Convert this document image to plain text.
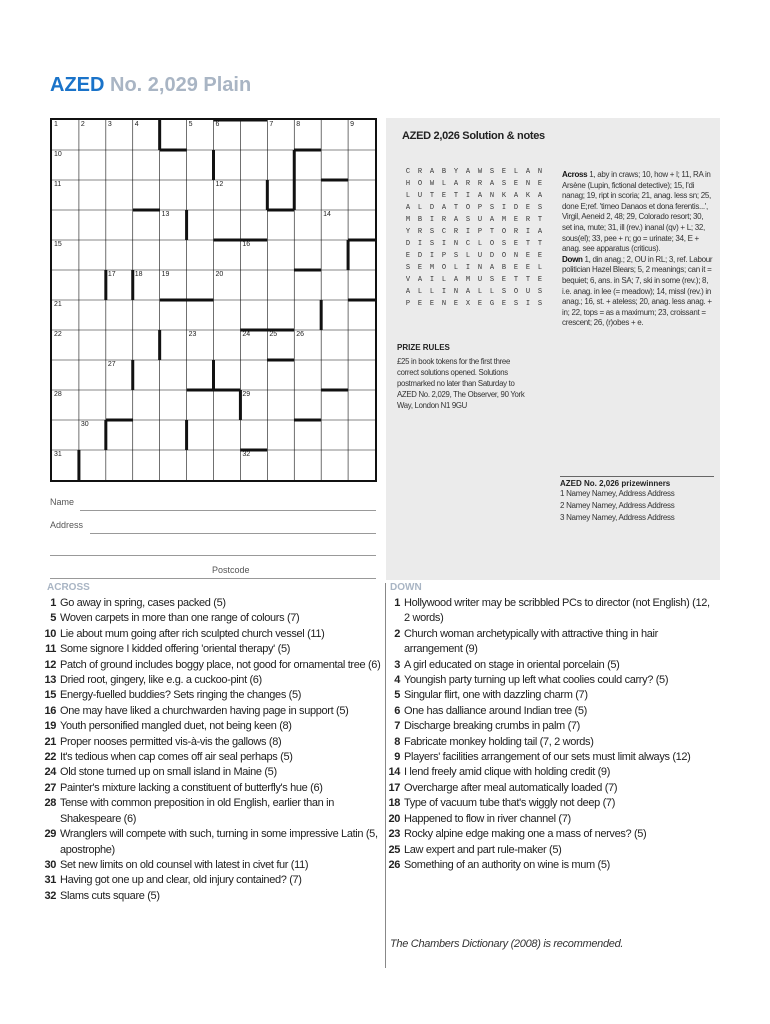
AZED No. 2,029 Plain
1	2	3	4	5	6	7	8	9
10
11	12
13	14
15	16
17	18	19	20
21
22	23	24	25	26
27
28	29
30
31	32
AZED 2,026 Solution & notes
C	R	A	B	Y	A	W	S	E	L	A	N
H	O	W	L	A	R	R	A	S	E	N	E
L	U	T	E	T	I	A	N	K	A	K	A
A	L	D	A	T	O	P	S	I	D	E	S
M	B	I	R	A	S	U	A	M	E	R	T
Y	R	S	C	R	I	P	T	O	R	I	A
D	I	S	I	N	C	L	O	S	E	T	T
E	D	I	P	S	L	U	D	O	N	E	E
S	E	M	O	L	I	N	A	B	E	E	L
V	A	I	L	A	M	U	S	E	T	T	E
A	L	L	I	N	A	L	L	S	O	U	S
P	E	E	N	E	X	E	G	E	S	I	S
Across 1, aby in craws; 10, how + l; 11, RA in Arsène (Lupin, fictional detective); 15, l'di nanag; 19, ript in scoria; 21, anag. less sn; 25, done E;ref. 'timeo Danaos et dona ferentis...', Virgil, Aeneid 2, 48; 29, Colorado resort; 30, set ina, mute; 31, ill (rev.) inanal (qv) + L; 32, sous(el); 33, pee + n; go = urinate; 34, E + anag. see apparatus (criticus).
Down 1, din anag.; 2, OU in RL; 3, ref. Labour politician Hazel Blears; 5, 2 meanings; can it = bequiet; 6, ans. in SA; 7, ski in some (rev.); 8, i.e. anag. in lee (= meadow); 14, missl (rev.) in anag.; 16, st. + ateless; 20, anag. less anag. + in; 22, tops = as a maximum; 23, croissant = crescent; 26, (r)obes + e.
PRIZE RULES
£25 in book tokens for the first three correct solutions opened. Solutions postmarked no later than Saturday to AZED No. 2,029, The Observer, 90 York Way, London N1 9GU
AZED No. 2,026 prizewinners
1 Namey Namey, Address Address
2 Namey Namey, Address Address
3 Namey Namey, Address Address
Name
Address
Postcode
ACROSS
1 Go away in spring, cases packed (5)
5 Woven carpets in more than one range of colours (7)
10 Lie about mum going after rich sculpted church vessel (11)
11 Some signore I kidded offering 'oriental therapy' (5)
12 Patch of ground includes boggy place, not good for ornamental tree (6)
13 Dried root, gingery, like e.g. a cuckoo-pint (6)
15 Energy-fuelled buddies? Sets ringing the changes (5)
16 One may have liked a churchwarden having page in support (5)
19 Youth personified mangled duet, not being keen (8)
21 Proper nooses permitted vis-à-vis the gallows (8)
22 It's tedious when cap comes off air seal perhaps (5)
24 Old stone turned up on small island in Maine (5)
27 Painter's mixture lacking a constituent of butterfly's hue (6)
28 Tense with common preposition in old English, earlier than in Shakespeare (6)
29 Wranglers will compete with such, turning in some impressive Latin (5, apostrophe)
30 Set new limits on old counsel with latest in civet fur (11)
31 Having got one up and clear, old injury contained? (7)
32 Slams cuts square (5)
DOWN
1 Hollywood writer may be scribbled PCs to director (not English) (12, 2 words)
2 Church woman archetypically with attractive thing in hair arrangement (9)
3 A girl educated on stage in oriental porcelain (5)
4 Youngish party turning up left what coolies could carry? (5)
5 Singular flirt, one with dazzling charm (7)
6 One has dalliance around Indian tree (5)
7 Discharge breaking crumbs in palm (7)
8 Fabricate monkey holding tail (7, 2 words)
9 Players' facilities arrangement of our sets must limit always (12)
14 I lend freely amid clique with holding credit (9)
17 Overcharge after meal automatically loaded (7)
18 Type of vacuum tube that's wiggly not deep (7)
20 Happened to flow in river channel (7)
23 Rocky alpine edge making one a mass of nerves? (5)
25 Law expert and part rule-maker (5)
26 Something of an authority on wine is mum (5)
The Chambers Dictionary (2008) is recommended.
